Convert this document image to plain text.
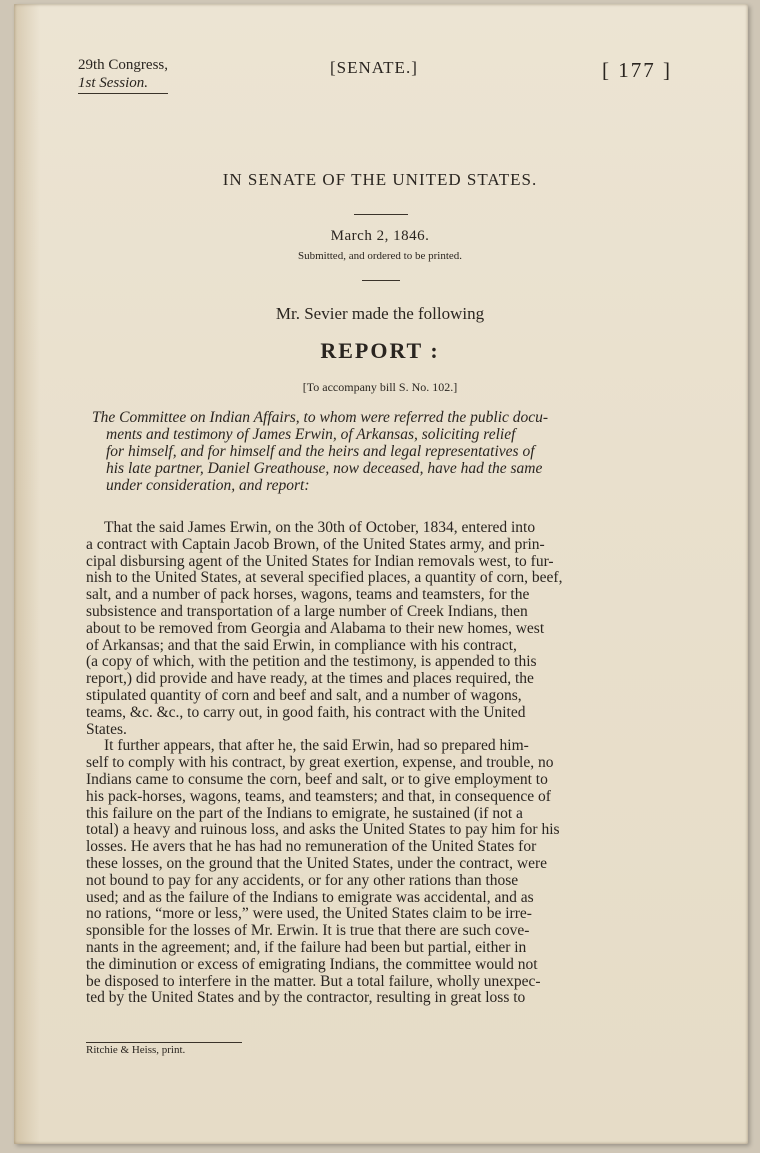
29th Congress,
1st Session.
[SENATE.]	[ 177 ]
IN SENATE OF THE UNITED STATES.
March 2, 1846.
Submitted, and ordered to be printed.
Mr. Sevier made the following
REPORT :
[To accompany bill S. No. 102.]
The Committee on Indian Affairs, to whom were referred the public docu-
ments and testimony of James Erwin, of Arkansas, soliciting relief
for himself, and for himself and the heirs and legal representatives of
his late partner, Daniel Greathouse, now deceased, have had the same
under consideration, and report:
That the said James Erwin, on the 30th of October, 1834, entered into
a contract with Captain Jacob Brown, of the United States army, and prin-
cipal disbursing agent of the United States for Indian removals west, to fur-
nish to the United States, at several specified places, a quantity of corn, beef,
salt, and a number of pack horses, wagons, teams and teamsters, for the
subsistence and transportation of a large number of Creek Indians, then
about to be removed from Georgia and Alabama to their new homes, west
of Arkansas; and that the said Erwin, in compliance with his contract,
(a copy of which, with the petition and the testimony, is appended to this
report,) did provide and have ready, at the times and places required, the
stipulated quantity of corn and beef and salt, and a number of wagons,
teams, &c. &c., to carry out, in good faith, his contract with the United
States.
It further appears, that after he, the said Erwin, had so prepared him-
self to comply with his contract, by great exertion, expense, and trouble, no
Indians came to consume the corn, beef and salt, or to give employment to
his pack-horses, wagons, teams, and teamsters; and that, in consequence of
this failure on the part of the Indians to emigrate, he sustained (if not a
total) a heavy and ruinous loss, and asks the United States to pay him for his
losses. He avers that he has had no remuneration of the United States for
these losses, on the ground that the United States, under the contract, were
not bound to pay for any accidents, or for any other rations than those
used; and as the failure of the Indians to emigrate was accidental, and as
no rations, “more or less,” were used, the United States claim to be irre-
sponsible for the losses of Mr. Erwin. It is true that there are such cove-
nants in the agreement; and, if the failure had been but partial, either in
the diminution or excess of emigrating Indians, the committee would not
be disposed to interfere in the matter. But a total failure, wholly unexpec-
ted by the United States and by the contractor, resulting in great loss to
Ritchie & Heiss, print.
